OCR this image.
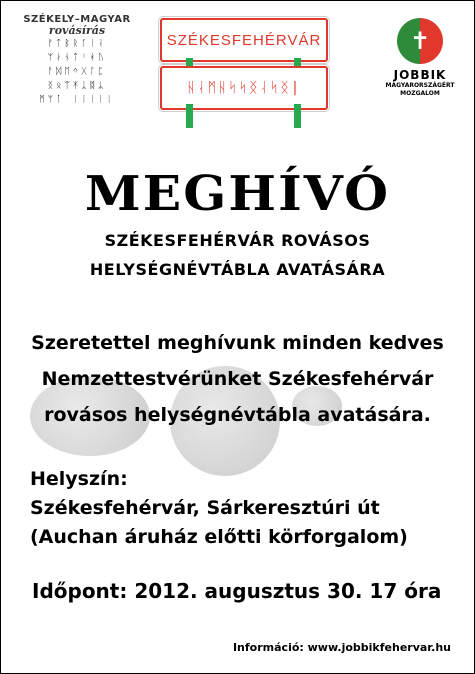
SZÉKELY–MAGYAR
rovásírás
ᚠᛏᛒᚱᚴᛁᛆ
ᛘᛅᚾᛏᛌᚼᚢ
ᚨᛞᛖᛜᚷᛚᛈ
ᛝᛟᛠᛡᛣᛥᛦ
ᛗᛘᛙ ᛁᛁᛁᛁᛁ
SZÉKESFEHÉRVÁR
ᚺᛆᛗᚺᛋᛋᛝᛆᛋᛝ|
✝
JOBBIK
MAGYARORSZÁGÉRT
MOZGALOM
MEGHÍVÓ
SZÉKESFEHÉRVÁR ROVÁSOS
HELYSÉGNÉVTÁBLA AVATÁSÁRA
Szeretettel meghívunk minden kedves
Nemzettestvérünket Székesfehérvár
rovásos helységnévtábla avatására.
Helyszín:
Székesfehérvár, Sárkeresztúri út
(Auchan áruház előtti körforgalom)
Időpont: 2012. augusztus 30. 17 óra
Információ: www.jobbikfehervar.hu
